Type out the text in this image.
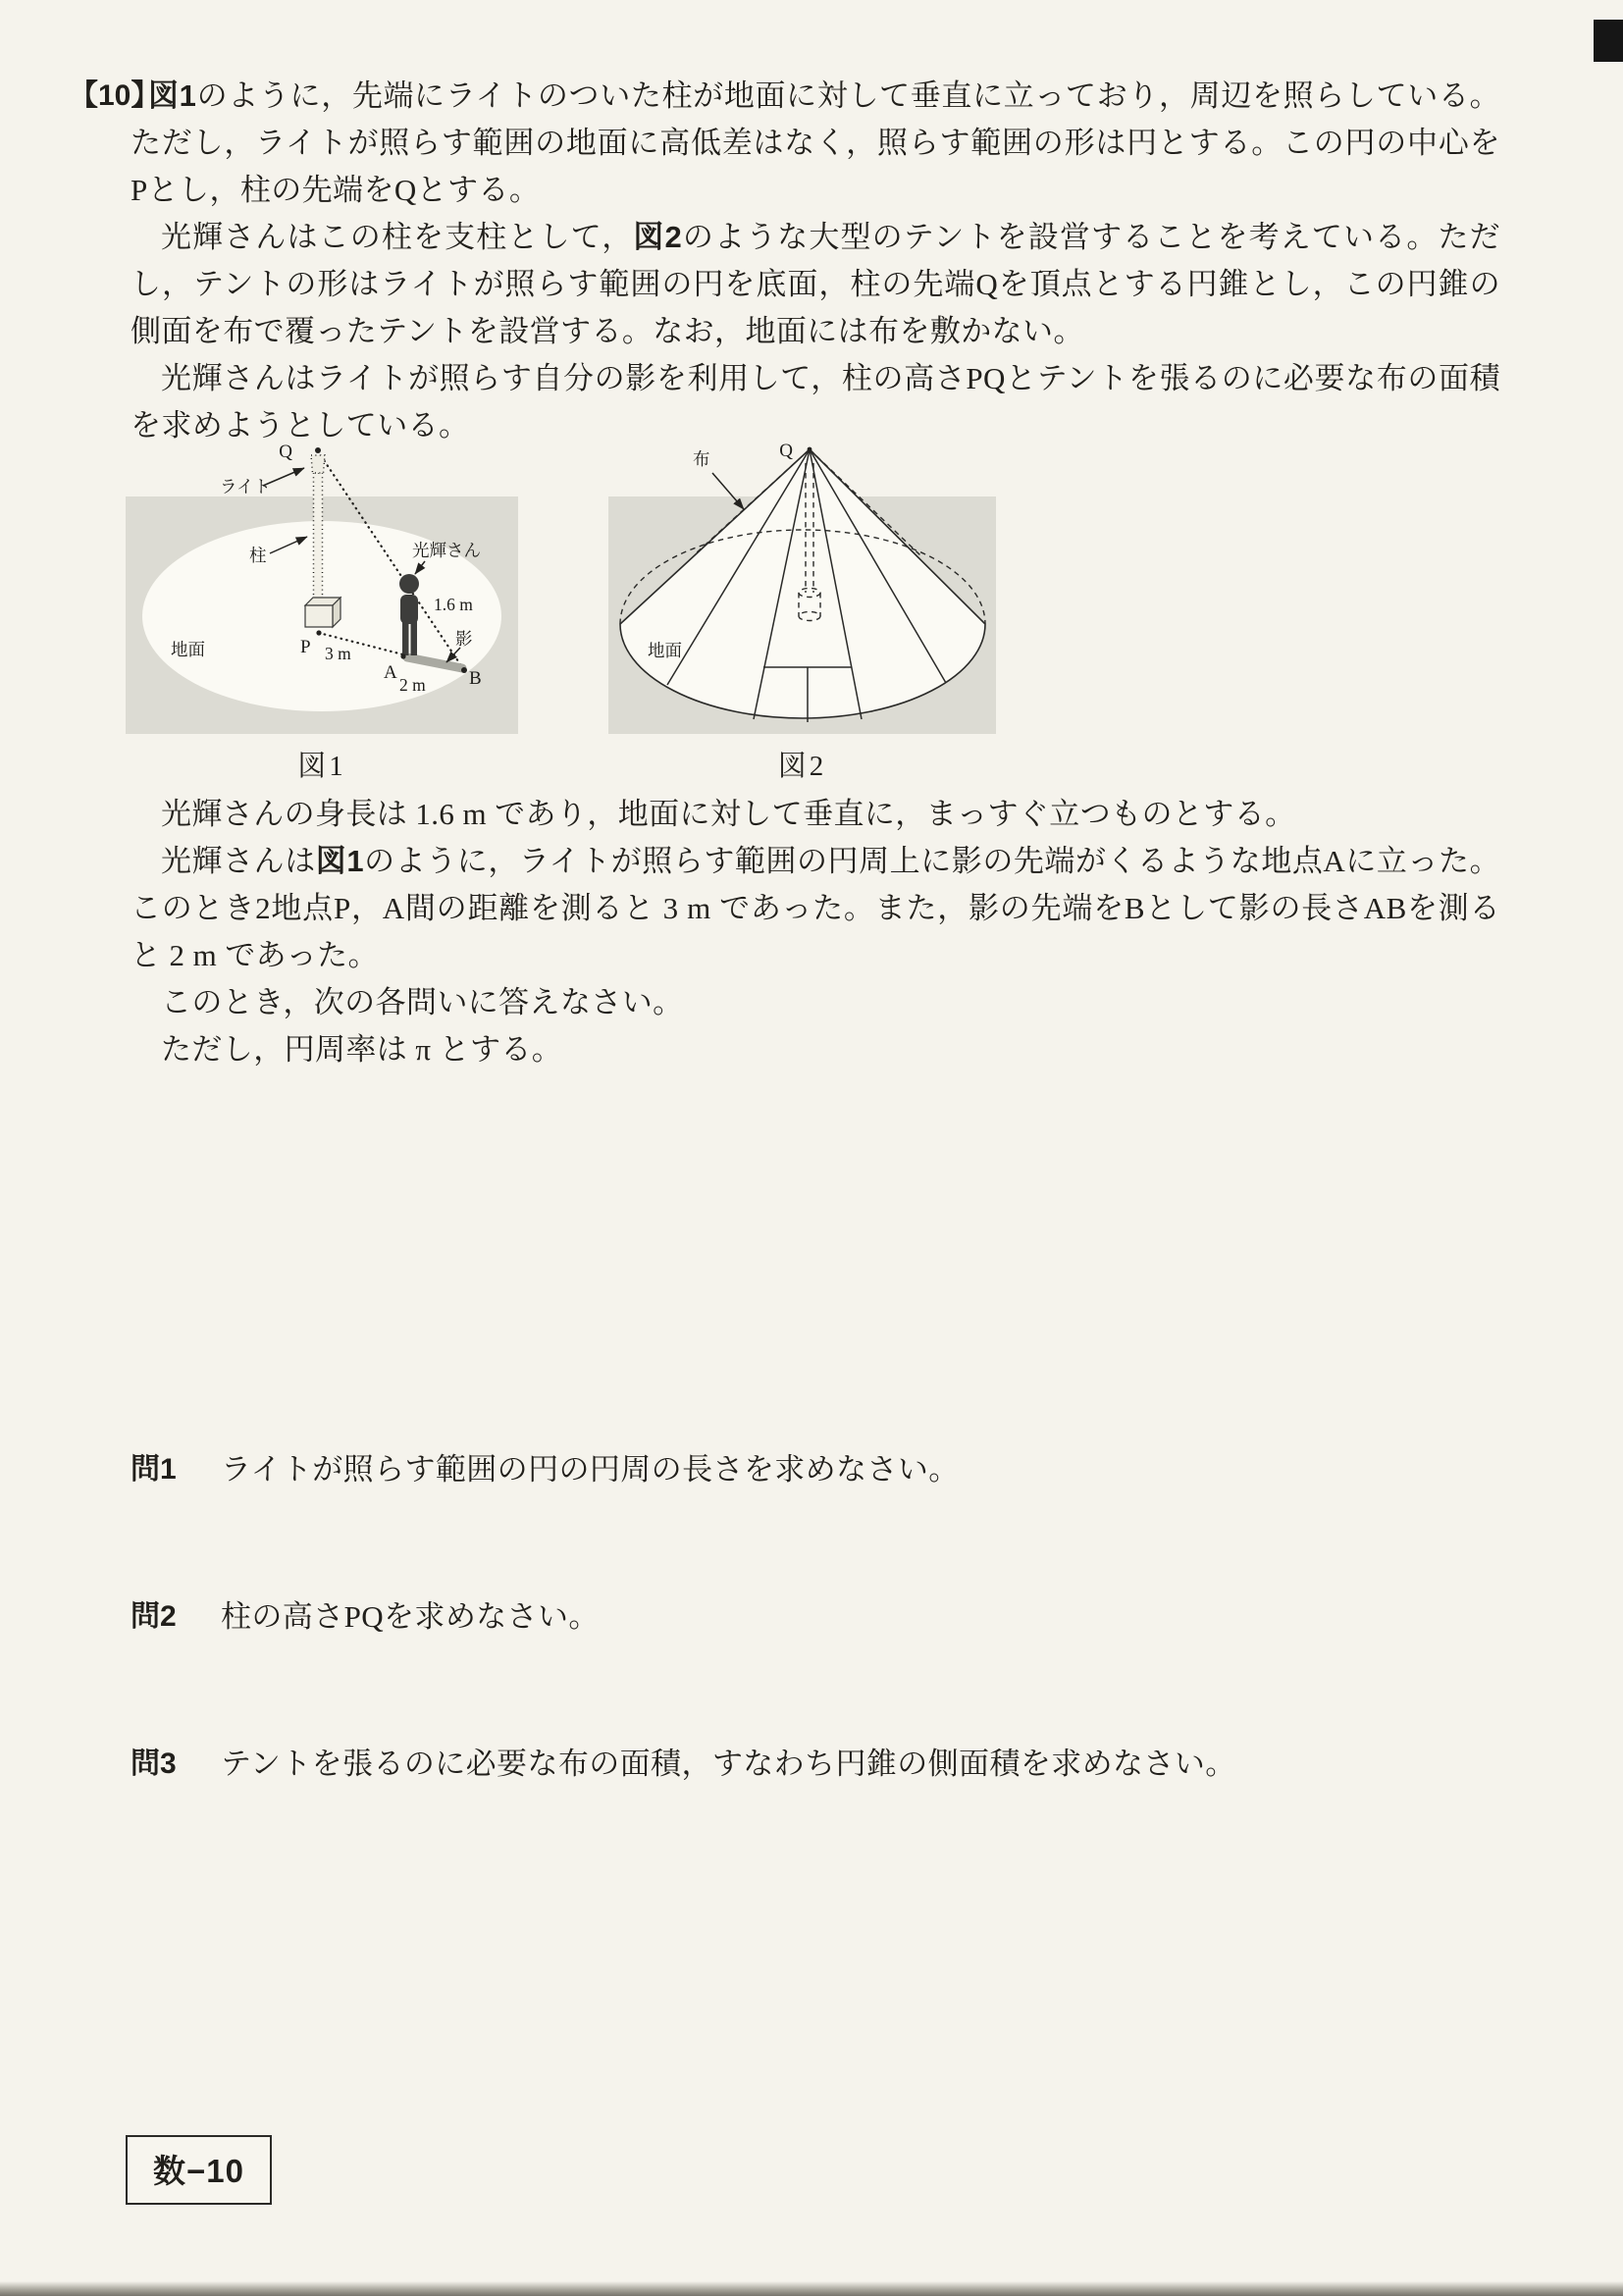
【10】

図1のように，先端にライトのついた柱が地面に対して垂直に立っており，周辺を照らしている。ただし，ライトが照らす範囲の地面に高低差はなく，照らす範囲の形は円とする。この円の中心をPとし，柱の先端をQとする。

光輝さんはこの柱を支柱として，図2のような大型のテントを設営することを考えている。ただし，テントの形はライトが照らす範囲の円を底面，柱の先端Qを頂点とする円錐とし，この円錐の側面を布で覆ったテントを設営する。なお，地面には布を敷かない。

光輝さんはライトが照らす自分の影を利用して，柱の高さPQとテントを張るのに必要な布の面積を求めようとしている。

Q
ライト
柱	光輝さん
1.6 m
影
地面	P 3 m
A
2 m B
図1
Q
布
地面
図2

光輝さんの身長は 1.6 m であり，地面に対して垂直に，まっすぐ立つものとする。

光輝さんは図1のように，ライトが照らす範囲の円周上に影の先端がくるような地点Aに立った。このとき2地点P，A間の距離を測ると 3 m であった。また，影の先端をBとして影の長さABを測ると 2 m であった。

このとき，次の各問いに答えなさい。

ただし，円周率は π とする。

問1	ライトが照らす範囲の円の円周の長さを求めなさい。
問2	柱の高さPQを求めなさい。
問3	テントを張るのに必要な布の面積，すなわち円錐の側面積を求めなさい。
数−10
